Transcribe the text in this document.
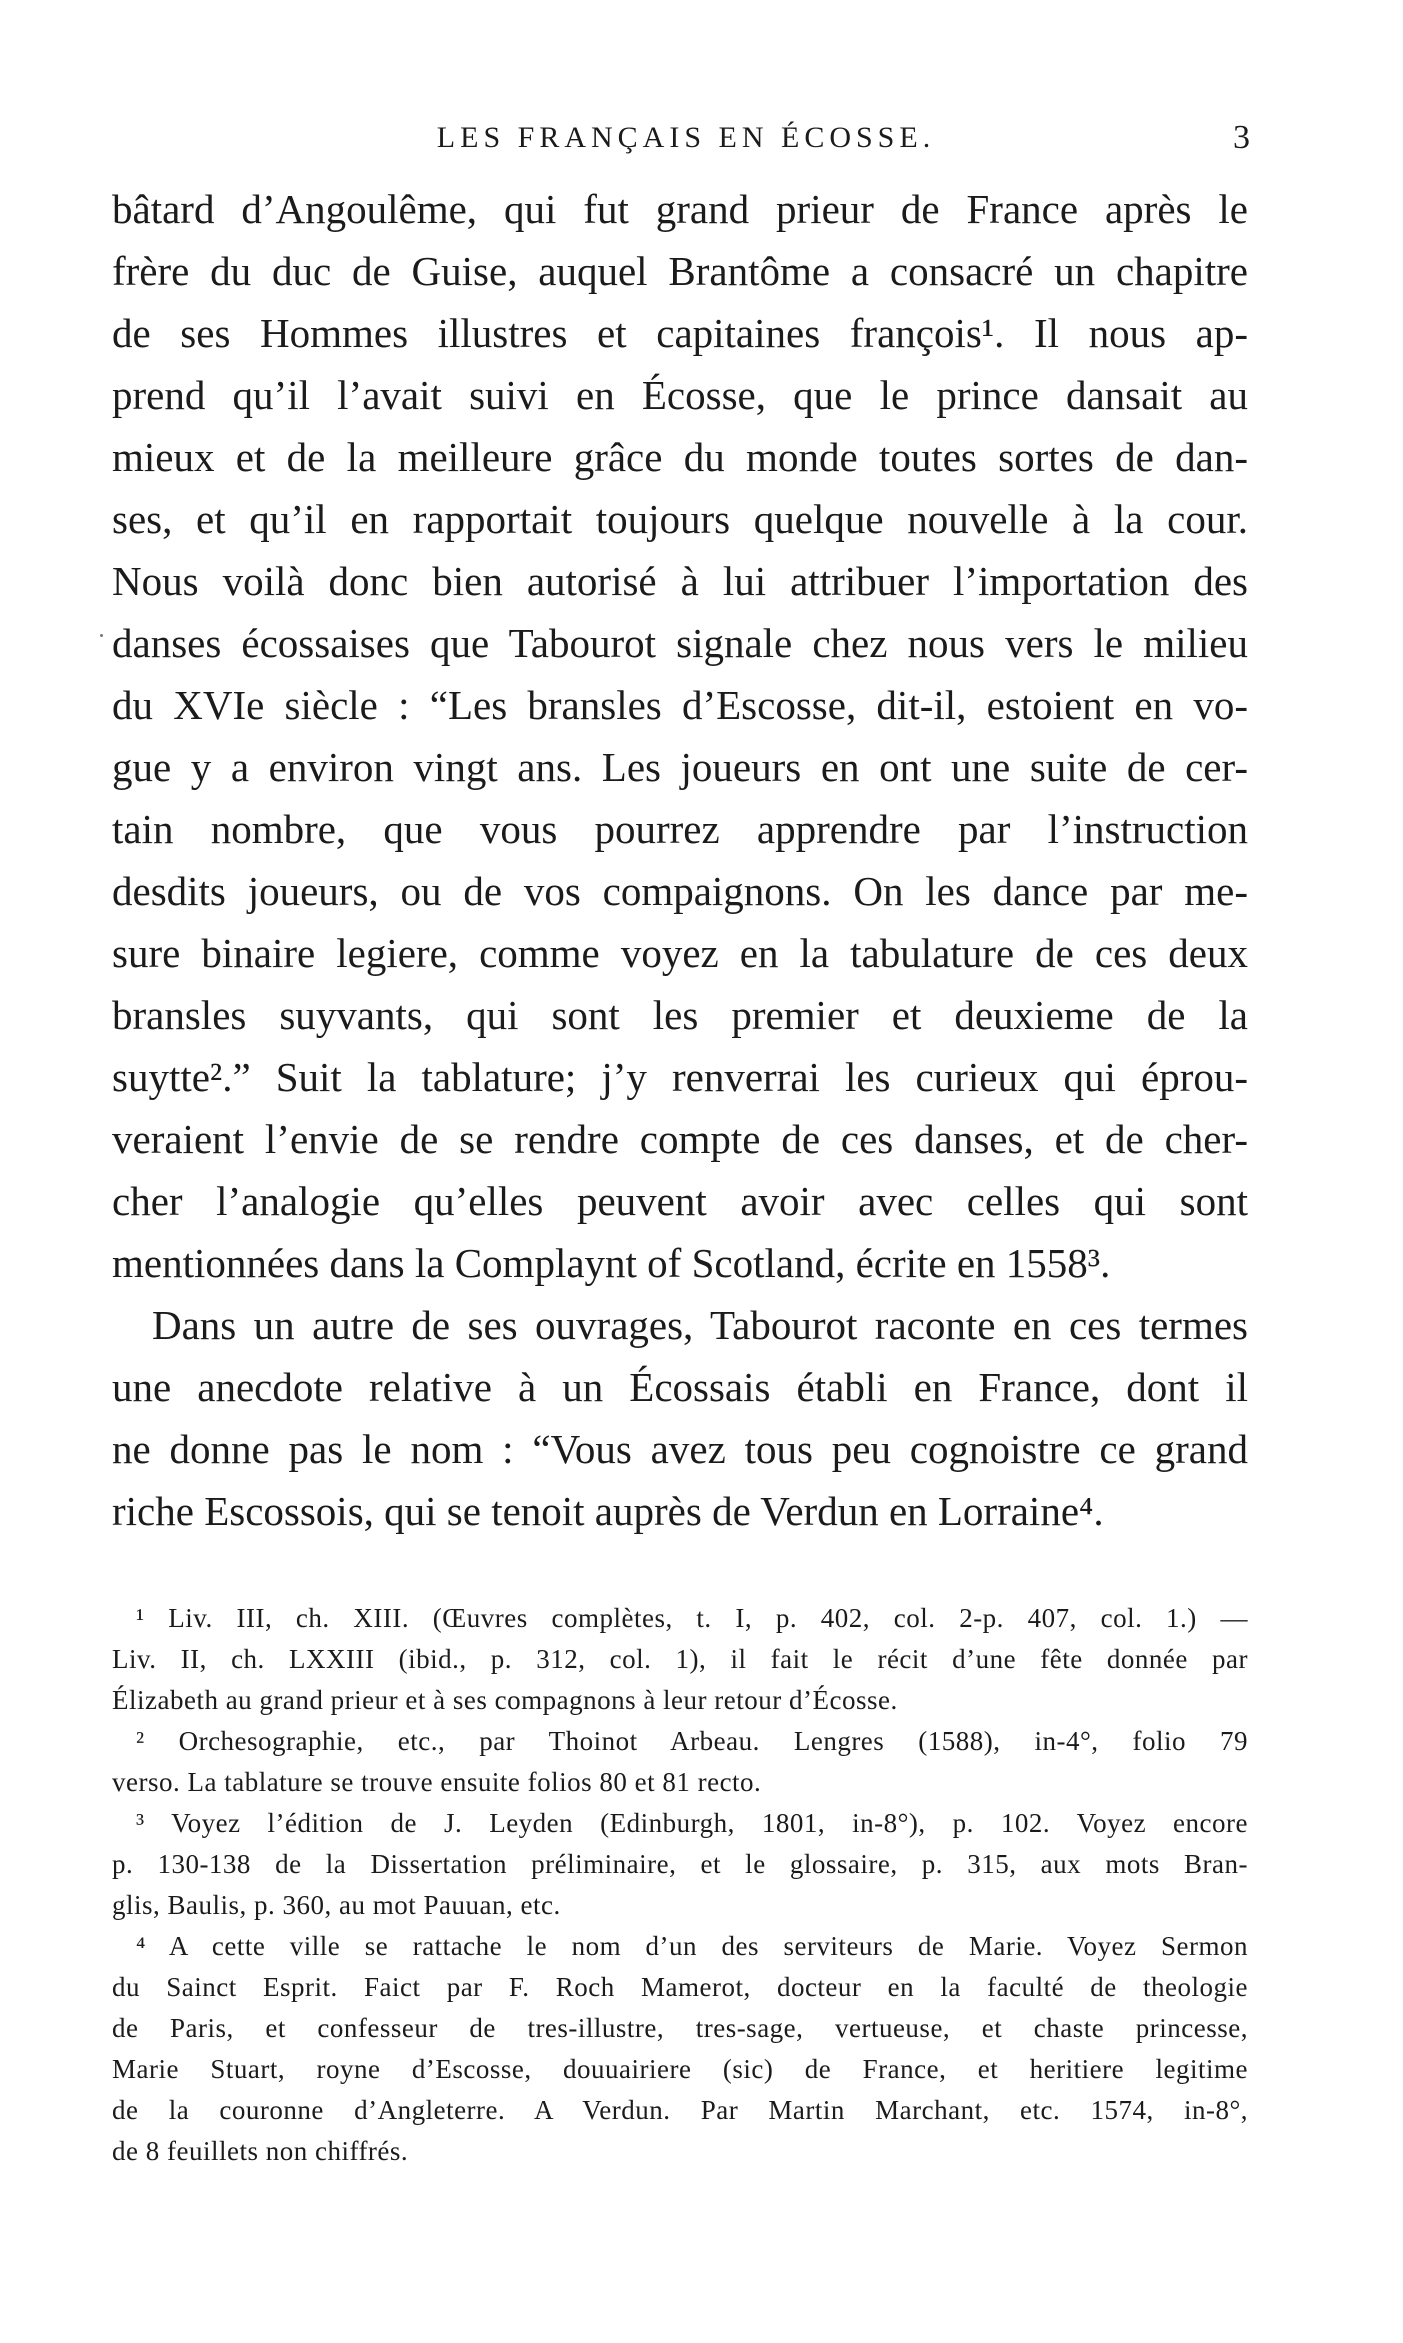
LES FRANÇAIS EN ÉCOSSE.	3
bâtard d’Angoulême, qui fut grand prieur de France après le
frère du duc de Guise, auquel Brantôme a consacré un chapitre
de ses Hommes illustres et capitaines françois¹. Il nous ap-
prend qu’il l’avait suivi en Écosse, que le prince dansait au
mieux et de la meilleure grâce du monde toutes sortes de dan-
ses, et qu’il en rapportait toujours quelque nouvelle à la cour.
Nous voilà donc bien autorisé à lui attribuer l’importation des
danses écossaises que Tabourot signale chez nous vers le milieu
du XVIe siècle : “Les bransles d’Escosse, dit-il, estoient en vo-
gue y a environ vingt ans. Les joueurs en ont une suite de cer-
tain nombre, que vous pourrez apprendre par l’instruction
desdits joueurs, ou de vos compaignons. On les dance par me-
sure binaire legiere, comme voyez en la tabulature de ces deux
bransles suyvants, qui sont les premier et deuxieme de la
suytte².” Suit la tablature; j’y renverrai les curieux qui éprou-
veraient l’envie de se rendre compte de ces danses, et de cher-
cher l’analogie qu’elles peuvent avoir avec celles qui sont
mentionnées dans la Complaynt of Scotland, écrite en 1558³.
Dans un autre de ses ouvrages, Tabourot raconte en ces termes
une anecdote relative à un Écossais établi en France, dont il
ne donne pas le nom : “Vous avez tous peu cognoistre ce grand
riche Escossois, qui se tenoit auprès de Verdun en Lorraine⁴.
¹ Liv. III, ch. XIII. (Œuvres complètes, t. I, p. 402, col. 2-p. 407, col. 1.) —
Liv. II, ch. LXXIII (ibid., p. 312, col. 1), il fait le récit d’une fête donnée par
Élizabeth au grand prieur et à ses compagnons à leur retour d’Écosse.
² Orchesographie, etc., par Thoinot Arbeau. Lengres (1588), in-4°, folio 79
verso. La tablature se trouve ensuite folios 80 et 81 recto.
³ Voyez l’édition de J. Leyden (Edinburgh, 1801, in-8°), p. 102. Voyez encore
p. 130-138 de la Dissertation préliminaire, et le glossaire, p. 315, aux mots Bran-
glis, Baulis, p. 360, au mot Pauuan, etc.
⁴ A cette ville se rattache le nom d’un des serviteurs de Marie. Voyez Sermon
du Sainct Esprit. Faict par F. Roch Mamerot, docteur en la faculté de theologie
de Paris, et confesseur de tres-illustre, tres-sage, vertueuse, et chaste princesse,
Marie Stuart, royne d’Escosse, douuairiere (sic) de France, et heritiere legitime
de la couronne d’Angleterre. A Verdun. Par Martin Marchant, etc. 1574, in-8°,
de 8 feuillets non chiffrés.
